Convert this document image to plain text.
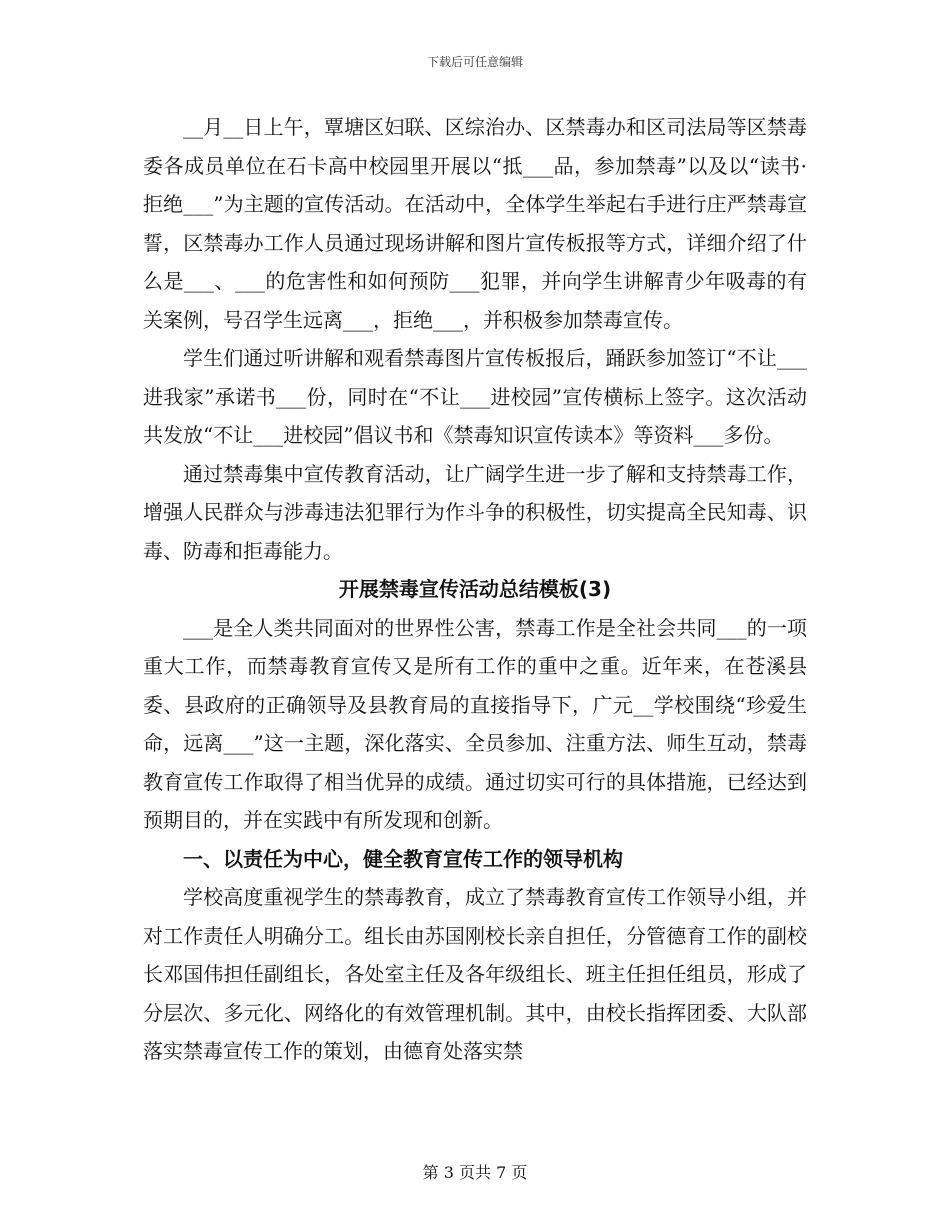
下载后可任意编辑

__月__日上午，覃塘区妇联、区综治办、区禁毒办和区司法局等区禁毒委各成员单位在石卡高中校园里开展以“抵___品，参加禁毒”以及以“读书·拒绝___”为主题的宣传活动。在活动中，全体学生举起右手进行庄严禁毒宣誓，区禁毒办工作人员通过现场讲解和图片宣传板报等方式，详细介绍了什么是___、___的危害性和如何预防___犯罪，并向学生讲解青少年吸毒的有关案例，号召学生远离___，拒绝___，并积极参加禁毒宣传。

学生们通过听讲解和观看禁毒图片宣传板报后，踊跃参加签订“不让___进我家”承诺书___份，同时在“不让___进校园”宣传横标上签字。这次活动共发放“不让___进校园”倡议书和《禁毒知识宣传读本》等资料___多份。

通过禁毒集中宣传教育活动，让广阔学生进一步了解和支持禁毒工作，增强人民群众与涉毒违法犯罪行为作斗争的积极性，切实提高全民知毒、识毒、防毒和拒毒能力。

开展禁毒宣传活动总结模板(3)

___是全人类共同面对的世界性公害，禁毒工作是全社会共同___的一项重大工作，而禁毒教育宣传又是所有工作的重中之重。近年来，在苍溪县委、县政府的正确领导及县教育局的直接指导下，广元__学校围绕“珍爱生命，远离___”这一主题，深化落实、全员参加、注重方法、师生互动，禁毒教育宣传工作取得了相当优异的成绩。通过切实可行的具体措施，已经达到预期目的，并在实践中有所发现和创新。

一、以责任为中心，健全教育宣传工作的领导机构

学校高度重视学生的禁毒教育，成立了禁毒教育宣传工作领导小组，并对工作责任人明确分工。组长由苏国刚校长亲自担任，分管德育工作的副校长邓国伟担任副组长，各处室主任及各年级组长、班主任担任组员，形成了分层次、多元化、网络化的有效管理机制。其中，由校长指挥团委、大队部落实禁毒宣传工作的策划，由德育处落实禁

第 3 页共 7 页
